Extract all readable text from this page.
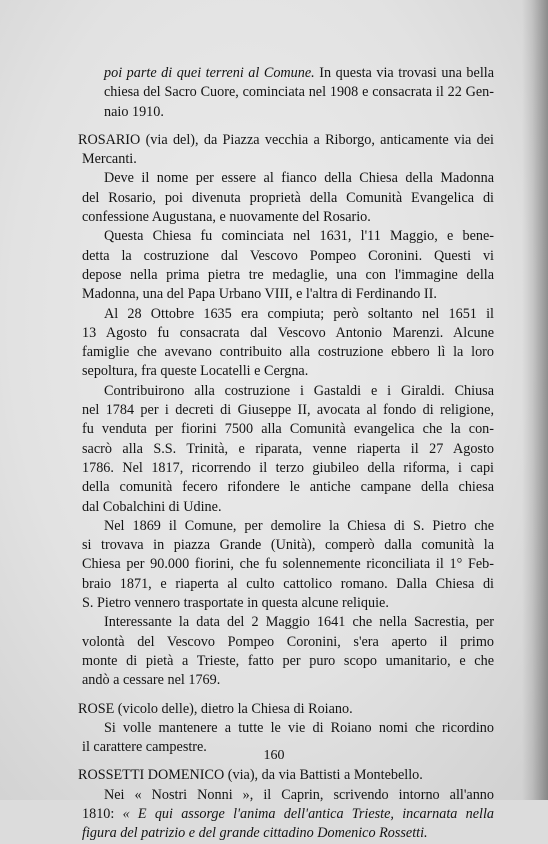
poi parte di quei terreni al Comune. In questa via trovasi una bella
chiesa del Sacro Cuore, cominciata nel 1908 e consacrata il 22 Gen-
naio 1910.
ROSARIO (via del), da Piazza vecchia a Riborgo, anticamente via dei
Mercanti.
Deve il nome per essere al fianco della Chiesa della Madonna
del Rosario, poi divenuta proprietà della Comunità Evangelica di
confessione Augustana, e nuovamente del Rosario.
Questa Chiesa fu cominciata nel 1631, l'11 Maggio, e bene-
detta la costruzione dal Vescovo Pompeo Coronini. Questi vi
depose nella prima pietra tre medaglie, una con l'immagine della
Madonna, una del Papa Urbano VIII, e l'altra di Ferdinando II.
Al 28 Ottobre 1635 era compiuta; però soltanto nel 1651 il
13 Agosto fu consacrata dal Vescovo Antonio Marenzi. Alcune
famiglie che avevano contribuito alla costruzione ebbero lì la loro
sepoltura, fra queste Locatelli e Cergna.
Contribuirono alla costruzione i Gastaldi e i Giraldi. Chiusa
nel 1784 per i decreti di Giuseppe II, avocata al fondo di religione,
fu venduta per fiorini 7500 alla Comunità evangelica che la con-
sacrò alla S.S. Trinità, e riparata, venne riaperta il 27 Agosto
1786. Nel 1817, ricorrendo il terzo giubileo della riforma, i capi
della comunità fecero rifondere le antiche campane della chiesa
dal Cobalchini di Udine.
Nel 1869 il Comune, per demolire la Chiesa di S. Pietro che
si trovava in piazza Grande (Unità), comperò dalla comunità la
Chiesa per 90.000 fiorini, che fu solennemente riconciliata il 1° Feb-
braio 1871, e riaperta al culto cattolico romano. Dalla Chiesa di
S. Pietro vennero trasportate in questa alcune reliquie.
Interessante la data del 2 Maggio 1641 che nella Sacrestia, per
volontà del Vescovo Pompeo Coronini, s'era aperto il primo
monte di pietà a Trieste, fatto per puro scopo umanitario, e che
andò a cessare nel 1769.
ROSE (vicolo delle), dietro la Chiesa di Roiano.
Si volle mantenere a tutte le vie di Roiano nomi che ricordino
il carattere campestre.
ROSSETTI DOMENICO (via), da via Battisti a Montebello.
Nei « Nostri Nonni », il Caprin, scrivendo intorno all'anno
1810: « E qui assorge l'anima dell'antica Trieste, incarnata nella
figura del patrizio e del grande cittadino Domenico Rossetti.
160
